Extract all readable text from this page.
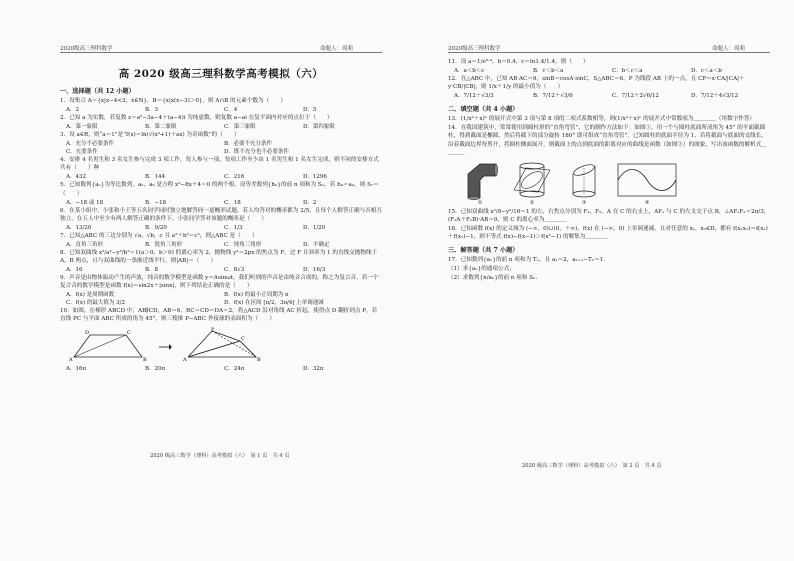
2020级高三理科数学	命题人：周莉	2020级高三理科数学	命题人：周莉
高 2020 级高三理科数学高考模拟（六）
一、选择题（共 12 小题）
1．设集合 A＝{x|x−4<3，x∈N}，B＝{x|x(x−3)＞0}，则 A∩B 的元素个数为（　　）
A．2	B．3	C．4	D．5
2．已知 a 为实数，若复数 z＝a²−3a−4＋(a−4)i 为纯虚数，则复数 a−ai 在复平面内对应的点位于（　　）
A．第一象限	B．第二象限	C．第三象限	D．第四象限
3．设 a∈R，则“a＝1”是“f(x)＝ln(√(x²+1)＋ax) 为奇函数”的（　　）
A．充分不必要条件	B．必要不充分条件
C．充要条件	D．既不充分也不必要条件
4．安排 4 名男生和 3 名女生参与完成 3 项工作，每人参与一项，每项工作至少由 1 名男生和 1 名女生完成，则不同的安排方式共有（　　）种
A．432	B．144	C．216	D．1296
5．已知数列{aₙ}为等比数列，a₂，a₆ 是方程 x²−8x＋4＝0 的两个根，设等差数列{bₙ}的前 n 项和为 Sₙ，若 b₄＝a₄，则 S₇＝（　　）
A．−18 或 18	B．−18	C．18	D．2
6．在某小组中，小张和小王等五名同学同时独立地解答同一道概率试题，若人均答对的概率都为 2/5，且每个人解答正确与否相互独立，在五人中至少有两人解答正确的条件下，小张同学答对该题的概率是（　　）
A．13/20	B．9/20	C．1/3	D．1/20
7．已知△ABC 的三边分别为 √a，√b，c 且 a²＋b²＝c²，则△ABC 是（　　）
A．直角三角形	B．锐角三角形	C．钝角三角形	D．不确定
8．已知双曲线 x²/a²−y²/b²＝1(a＞0，b＞0) 的离心率为 2，抛物线 y²＝2px 的焦点为 F，过 F 且斜率为 1 的直线交抛物线于 A，B 两点，且与双曲线的一条渐近线平行，则|AB|＝（　　）
A．16	B．8	C．8√3	D．16/3
9．声音是由物体振动产生的声波，纯音的数学模型是函数 y＝Asinωt，我们听到的声音是由纯音合成的，称之为复合音，若一个复合音的数学模型是函数 f(x)＝sin2x＋|sinx|，则下列结论正确的是（　　）
A．f(x) 是周期函数	B．f(x) 的最小正周期为 π
C．f(x) 的最大值为 3/2	D．f(x) 在区间 [π/2，3π/4] 上单调递减
10．如图，在梯形 ABCD 中，AB∥CD，AB＝6，BC＝CD＝DA＝2，将△ACD 沿对角线 AC 折起，使得点 D 翻折到点 P，若直线 PC 与平面 ABC 所成的角为 45°，则三棱锥 P−ABC 外接球的表面积为（　　）
A	B
C
D
A	B
C
P
A．16π	B．20π	C．24π	D．32π
2020 级高三数学（理科）高考模拟（六）　第 1 页　共 4 页
11．设 a＝1/e⁰·⁴，b＝0.4，c＝ln1.4/1.4，则（　　）
A．a＜b＜c	B．c＜b＜a	C．b＜c＜a	D．c＜a＜b
12．在△ABC 中，已知 AB·AC＝9，sinB＝cosA·sinC，S△ABC＝6，P 为线段 AB 上的一点，且 CP＝x·CA/|CA|＋y·CB/|CB|，则 1/x＋1/y 的最小值为（　　）
A．7/12＋√3/3	B．7/12＋√3/6	C．7/12＋2√6/12	D．7/12＋4√3/12
二、填空题（共 4 小题）
13．(1/x²＋x)ⁿ 的展开式中第 3 项与第 8 项的二项式系数相等，则(1/x²＋x)ⁿ 的展开式中常数项为＿＿＿＿（用数字作答）
14．在我国建筑中，常常使用到圆柱形的“直角弯管”，它的制作方法如下：如图①，用一个与圆柱底面所成角为 45° 的平面截圆柱，得到截面是椭圆，然后将截下的部分旋转 180° 即可组成“直角弯管”。已知圆柱的底面半径为 1，若将截面与底面的交线长，沿着截面边界每剪开，将圆柱侧面展开，则截面上的点到底面的距离对应的曲线是函数（如图③）的图象，写出该函数的解析式＿＿＿＿
①	②	③	④
15．已知双曲线 x²/9−y²/16＝1 的左、右焦点分别为 F₁，F₂，A 在 C 的右支上，AF₁ 与 C 的左支交于点 B，∠AF₁F₂＝2π/3，(F₁A＋F₁B)·AB＝0，则 C 的离心率为＿＿＿＿
16．已知函数 f(x) 的定义域为 (−∞，0)∪(0，＋∞)，f(x) 在 (−∞，0) 上单调递减，且对任意的 x₁，x₂∈D，都有 f(x₁x₂)＝f(x₁)＋f(x₂)−1，则不等式 f(x)−f(x−1)＞f(x²−1) 的解集为＿＿＿＿
三、解答题（共 7 小题）
17．已知数列{aₙ}的前 n 项和为 Tₙ，且 a₁＝2，aₙ₊₁−Tₙ＝1．
（1）求{aₙ}的通项公式；
（2）求数列{n/aₙ}的前 n 项和 Sₙ．
2020 级高三数学（理科）高考模拟（六）　第 2 页　共 4 页
